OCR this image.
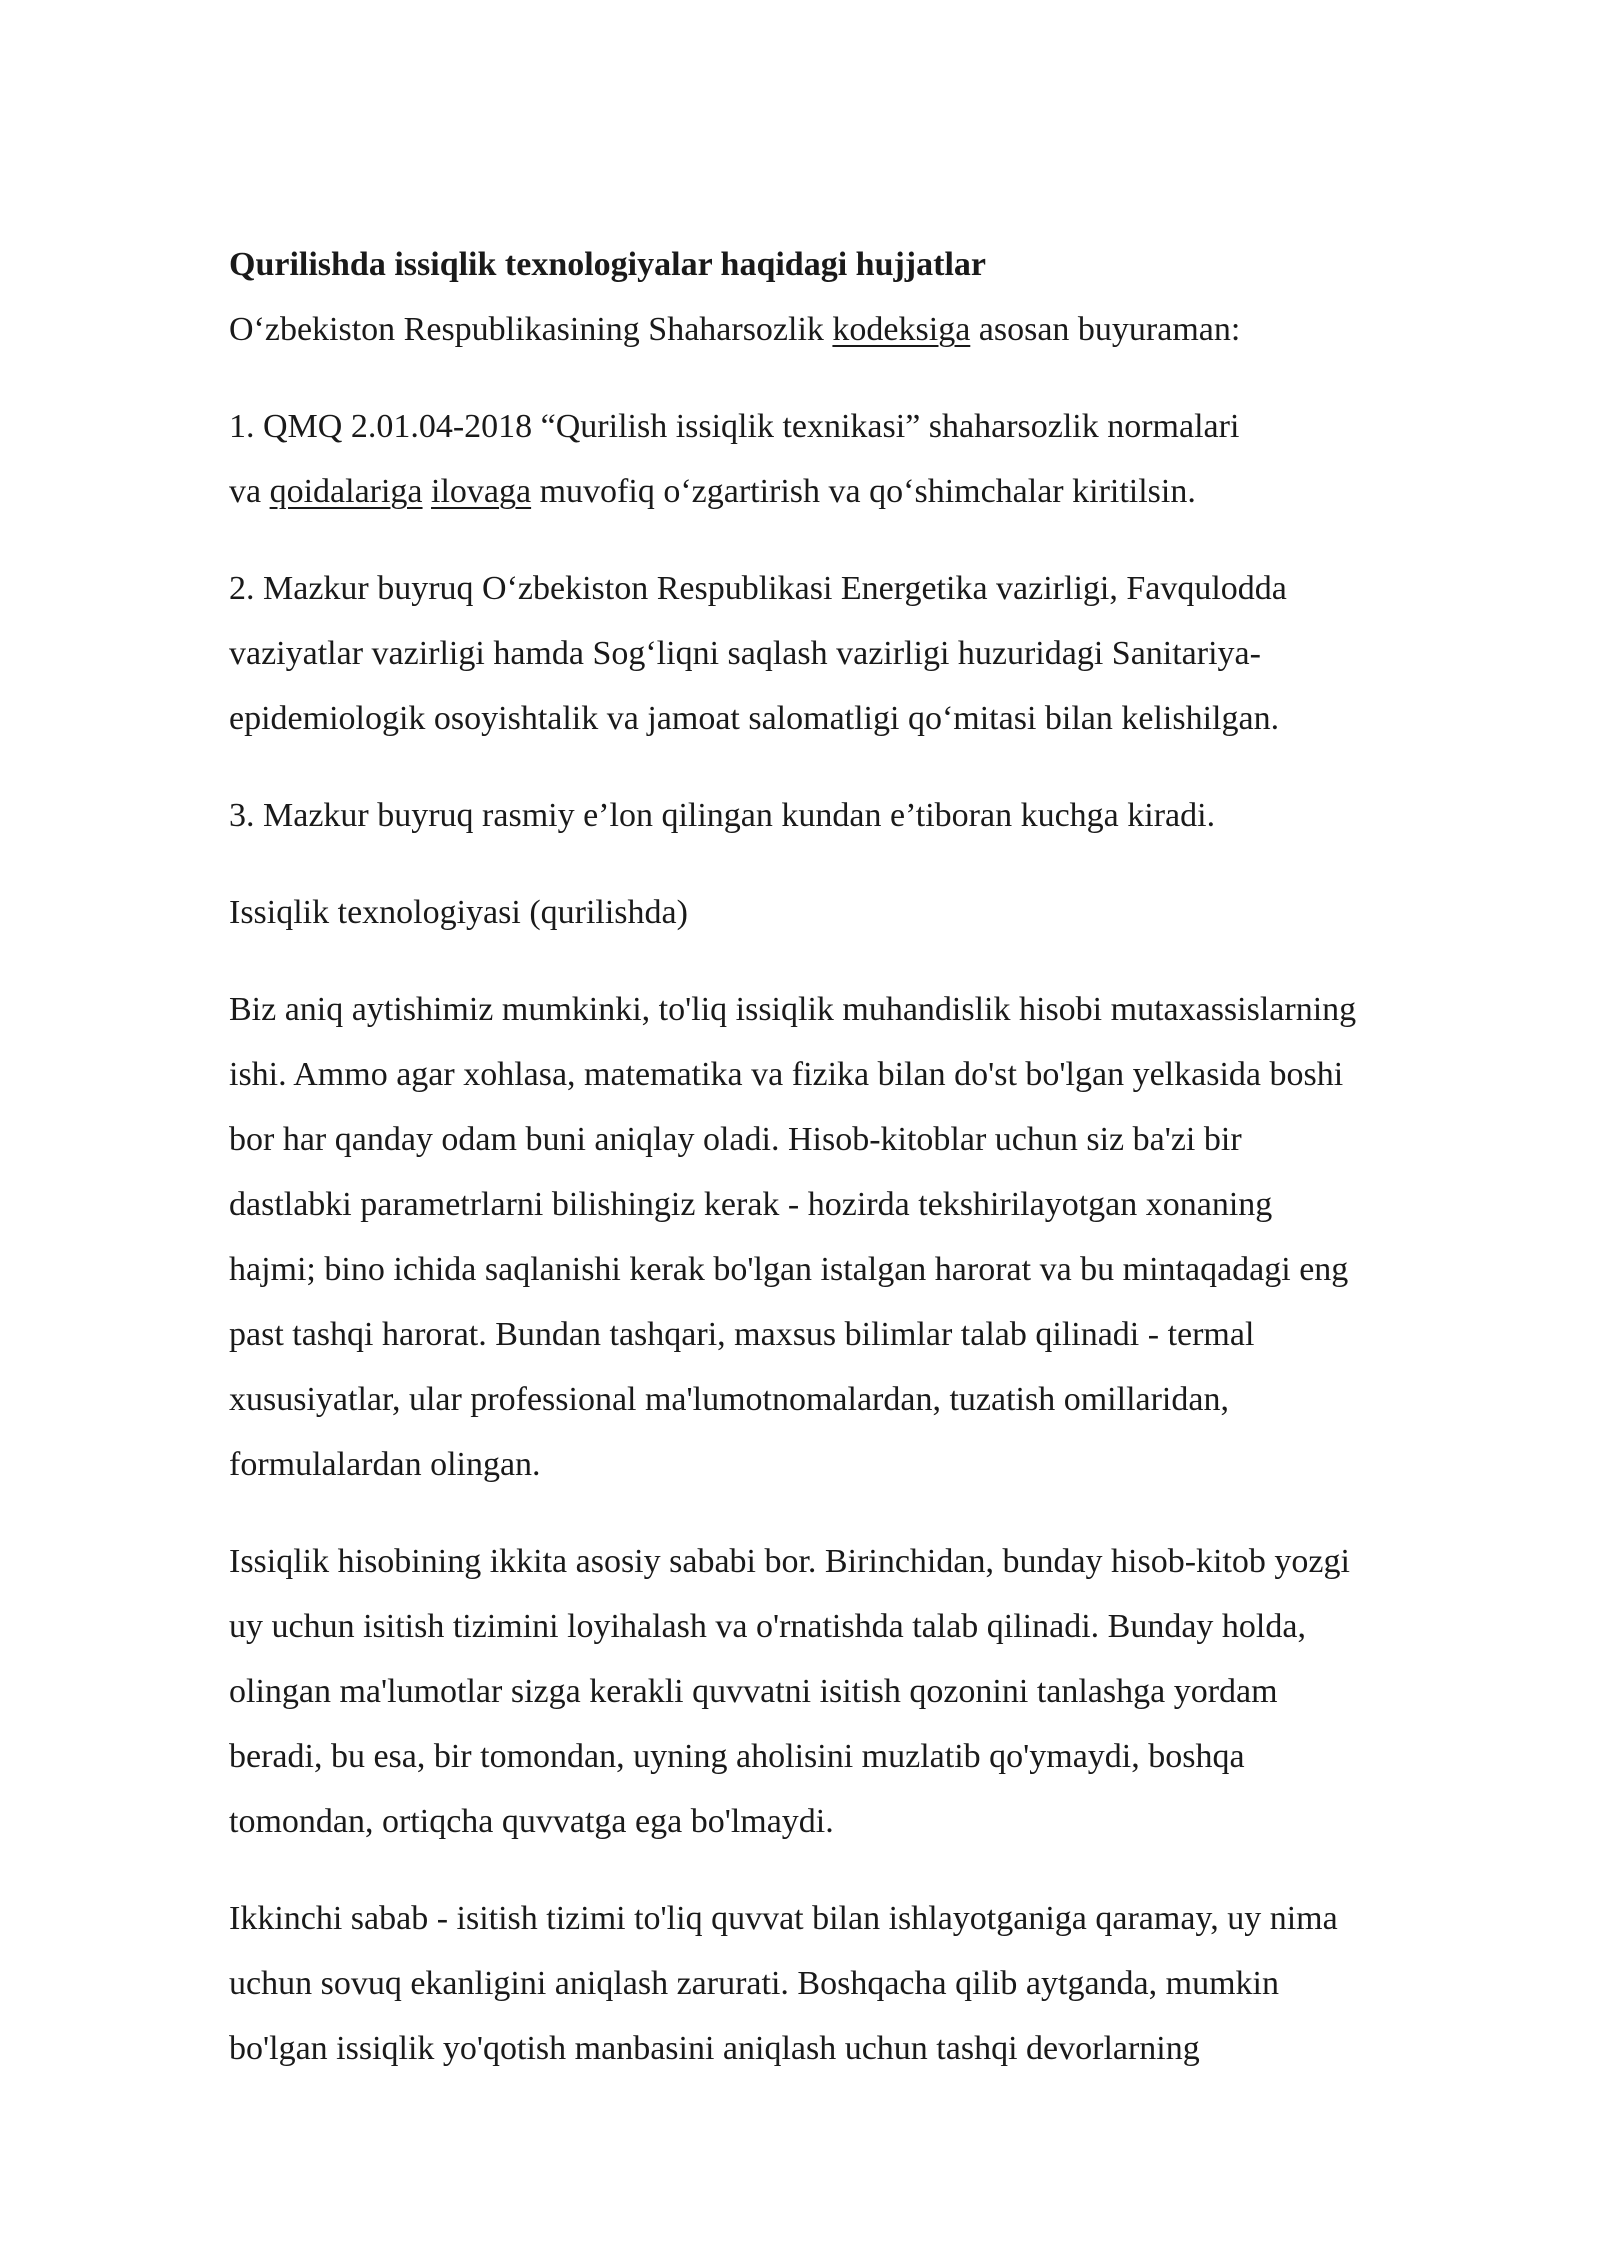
Qurilishda issiqlik texnologiyalar haqidagi hujjatlar

O‘zbekiston Respublikasining Shaharsozlik kodeksiga asosan buyuraman:

1. QMQ 2.01.04-2018 “Qurilish issiqlik texnikasi” shaharsozlik normalari
va qoidalariga ilovaga muvofiq o‘zgartirish va qo‘shimchalar kiritilsin.

2. Mazkur buyruq O‘zbekiston Respublikasi Energetika vazirligi, Favqulodda
vaziyatlar vazirligi hamda Sog‘liqni saqlash vazirligi huzuridagi Sanitariya-
epidemiologik osoyishtalik va jamoat salomatligi qo‘mitasi bilan kelishilgan.

3. Mazkur buyruq rasmiy e’lon qilingan kundan e’tiboran kuchga kiradi.

Issiqlik texnologiyasi (qurilishda)

Biz aniq aytishimiz mumkinki, to'liq issiqlik muhandislik hisobi mutaxassislarning
ishi. Ammo agar xohlasa, matematika va fizika bilan do'st bo'lgan yelkasida boshi
bor har qanday odam buni aniqlay oladi. Hisob-kitoblar uchun siz ba'zi bir
dastlabki parametrlarni bilishingiz kerak - hozirda tekshirilayotgan xonaning
hajmi; bino ichida saqlanishi kerak bo'lgan istalgan harorat va bu mintaqadagi eng
past tashqi harorat. Bundan tashqari, maxsus bilimlar talab qilinadi - termal
xususiyatlar, ular professional ma'lumotnomalardan, tuzatish omillaridan,
formulalardan olingan.

Issiqlik hisobining ikkita asosiy sababi bor. Birinchidan, bunday hisob-kitob yozgi
uy uchun isitish tizimini loyihalash va o'rnatishda talab qilinadi. Bunday holda,
olingan ma'lumotlar sizga kerakli quvvatni isitish qozonini tanlashga yordam
beradi, bu esa, bir tomondan, uyning aholisini muzlatib qo'ymaydi, boshqa
tomondan, ortiqcha quvvatga ega bo'lmaydi.

Ikkinchi sabab - isitish tizimi to'liq quvvat bilan ishlayotganiga qaramay, uy nima
uchun sovuq ekanligini aniqlash zarurati. Boshqacha qilib aytganda, mumkin
bo'lgan issiqlik yo'qotish manbasini aniqlash uchun tashqi devorlarning
